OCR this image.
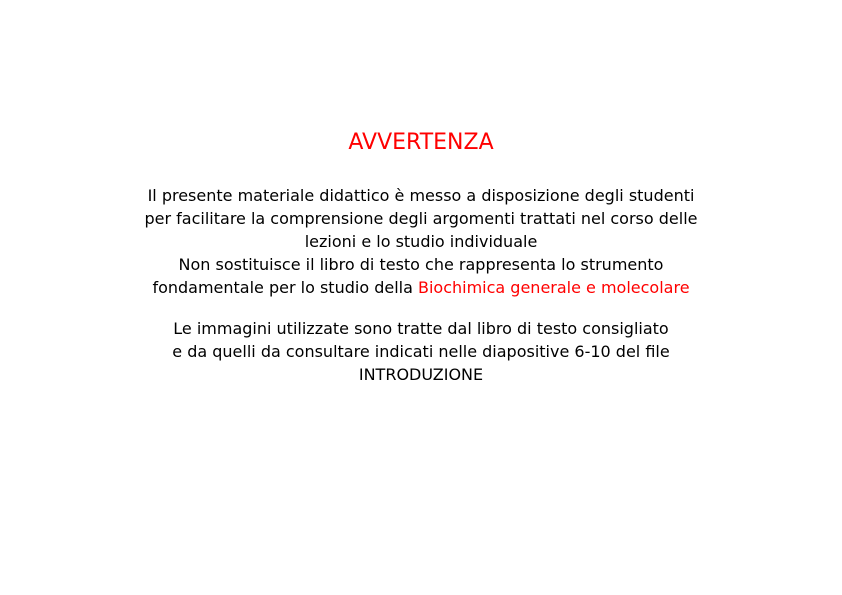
AVVERTENZA
Il presente materiale didattico è messo a disposizione degli studenti
per facilitare la comprensione degli argomenti trattati nel corso delle
lezioni e lo studio individuale
Non sostituisce il libro di testo che rappresenta lo strumento
fondamentale per lo studio della Biochimica generale e molecolare
Le immagini utilizzate sono tratte dal libro di testo consigliato
e da quelli da consultare indicati nelle diapositive 6-10 del file
INTRODUZIONE
